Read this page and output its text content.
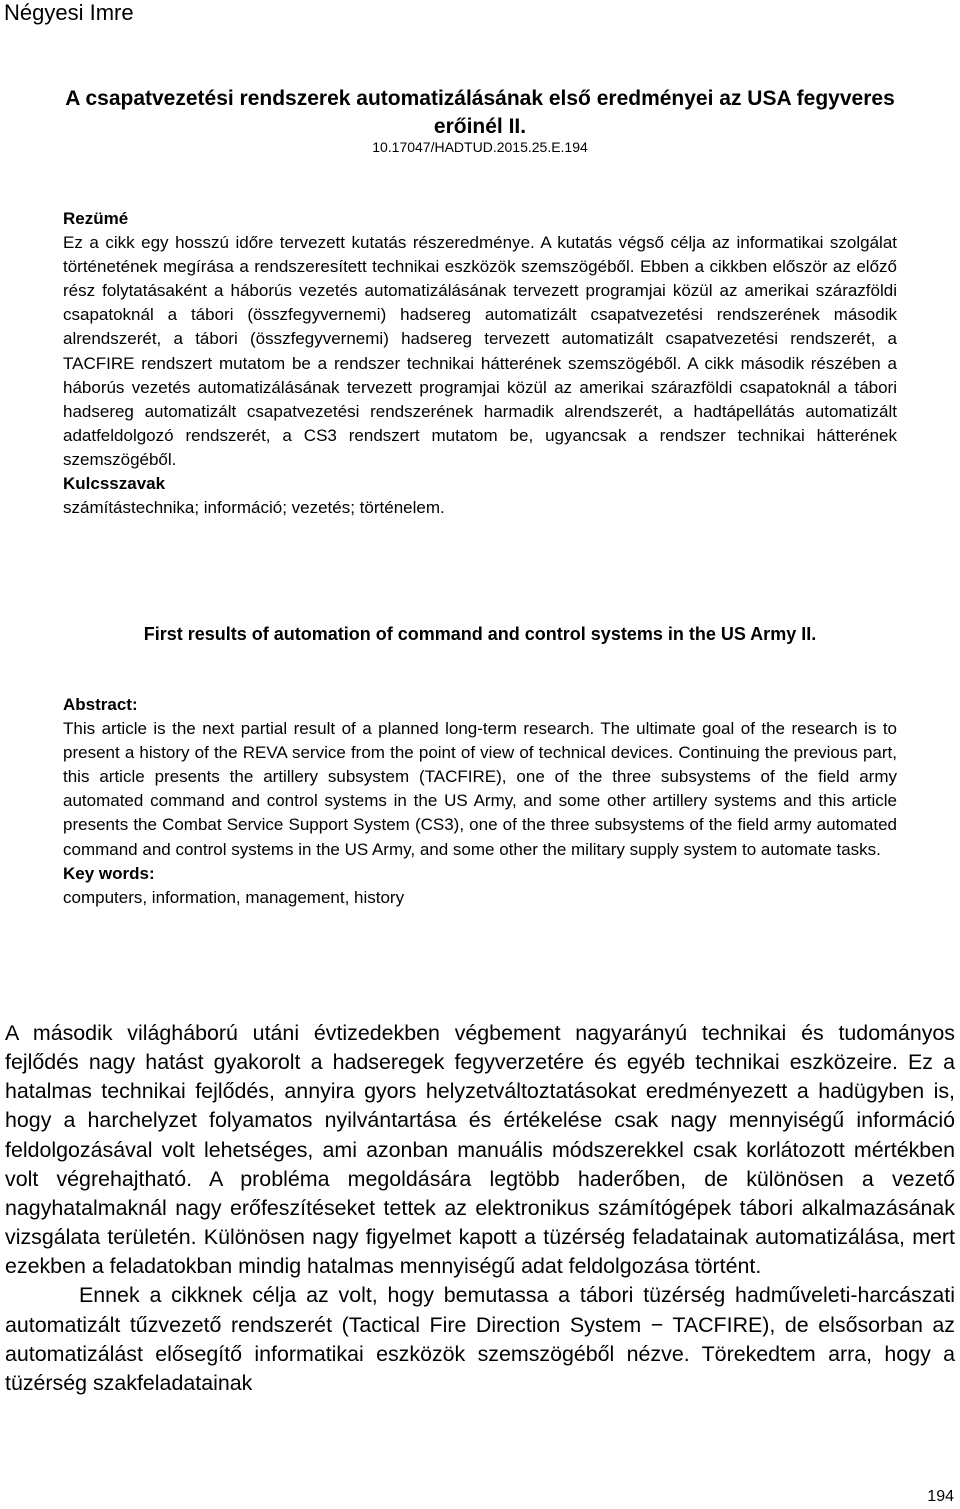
Négyesi Imre
A csapatvezetési rendszerek automatizálásának első eredményei az USA fegyveres erőinél II.
10.17047/HADTUD.2015.25.E.194
Rezümé
Ez a cikk egy hosszú időre tervezett kutatás részeredménye. A kutatás végső célja az informatikai szolgálat történetének megírása a rendszeresített technikai eszközök szemszögéből. Ebben a cikkben először az előző rész folytatásaként a háborús vezetés automatizálásának tervezett programjai közül az amerikai szárazföldi csapatoknál a tábori (összfegyvernemi) hadsereg automatizált csapatvezetési rendszerének második alrendszerét, a tábori (összfegyvernemi) hadsereg tervezett automatizált csapatvezetési rendszerét, a TACFIRE rendszert mutatom be a rendszer technikai hátterének szemszögéből. A cikk második részében a háborús vezetés automatizálásának tervezett programjai közül az amerikai szárazföldi csapatoknál a tábori hadsereg automatizált csapatvezetési rendszerének harmadik alrendszerét, a hadtápellátás automatizált adatfeldolgozó rendszerét, a CS3 rendszert mutatom be, ugyancsak a rendszer technikai hátterének szemszögéből.
Kulcsszavak
számítástechnika; információ; vezetés; történelem.
First results of automation of command and control systems in the US Army II.
Abstract:
This article is the next partial result of a planned long-term research. The ultimate goal of the research is to present a history of the REVA service from the point of view of technical devices. Continuing the previous part, this article presents the artillery subsystem (TACFIRE), one of the three subsystems of the field army automated command and control systems in the US Army, and some other artillery systems and this article presents the Combat Service Support System (CS3), one of the three subsystems of the field army automated command and control systems in the US Army, and some other the military supply system to automate tasks.
Key words:
computers, information, management, history

A második világháború utáni évtizedekben végbement nagyarányú technikai és tudományos fejlődés nagy hatást gyakorolt a hadseregek fegyverzetére és egyéb technikai eszközeire. Ez a hatalmas technikai fejlődés, annyira gyors helyzetváltoztatásokat eredményezett a hadügyben is, hogy a harchelyzet folyamatos nyilvántartása és értékelése csak nagy mennyiségű információ feldolgozásával volt lehetséges, ami azonban manuális módszerekkel csak korlátozott mértékben volt végrehajtható. A probléma megoldására legtöbb haderőben, de különösen a vezető nagyhatalmaknál nagy erőfeszítéseket tettek az elektronikus számítógépek tábori alkalmazásának vizsgálata területén. Különösen nagy figyelmet kapott a tüzérség feladatainak automatizálása, mert ezekben a feladatokban mindig hatalmas mennyiségű adat feldolgozása történt.

Ennek a cikknek célja az volt, hogy bemutassa a tábori tüzérség hadműveleti-harcászati automatizált tűzvezető rendszerét (Tactical Fire Direction System − TACFIRE), de elsősorban az automatizálást elősegítő informatikai eszközök szemszögéből nézve. Törekedtem arra, hogy a tüzérség szakfeladatainak

194
